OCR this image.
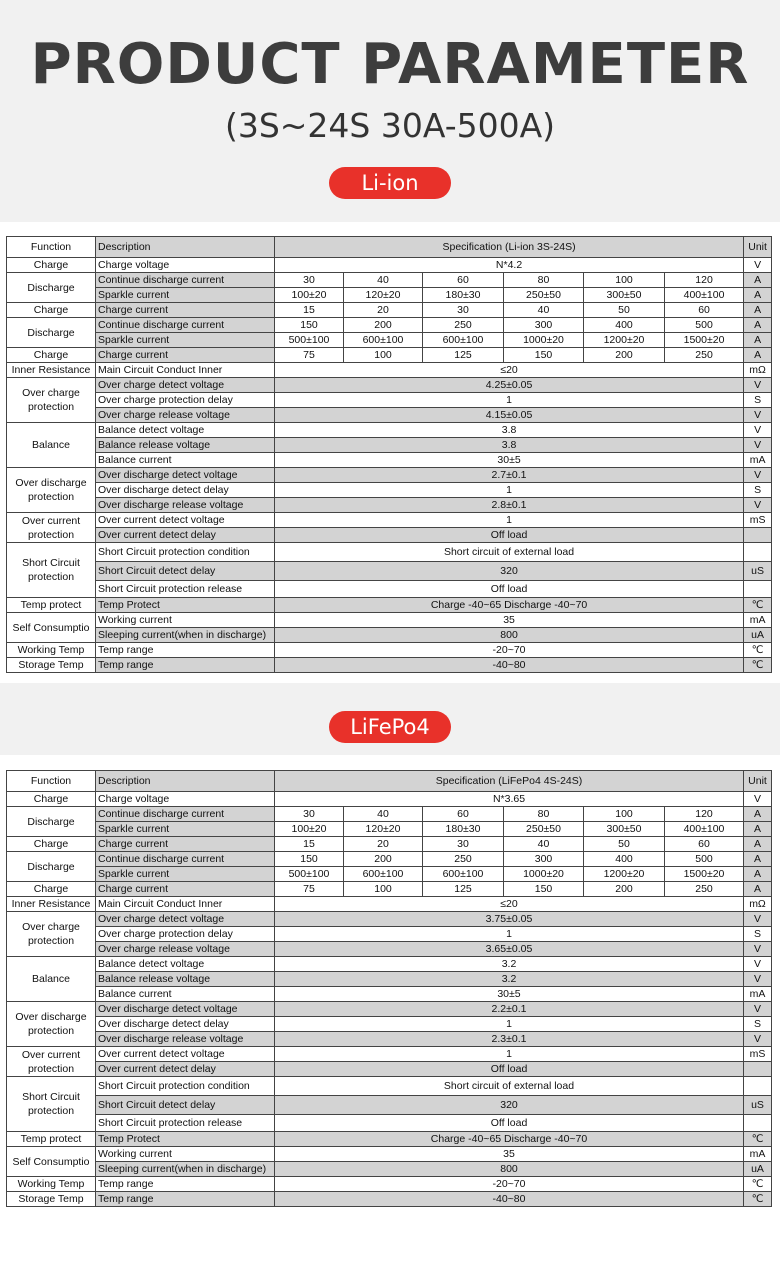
PRODUCT PARAMETER
(3S~24S 30A-500A)
Li-ion
LiFePo4
Function	Description	Specification (Li-ion 3S-24S)						Unit
Charge	Charge voltage	N*4.2						V
Discharge	Continue discharge current	30	40	60	80	100	120	A
	Sparkle current	100±20	120±20	180±30	250±50	300±50	400±100	A
Charge	Charge current	15	20	30	40	50	60	A
Discharge	Continue discharge current	150	200	250	300	400	500	A
	Sparkle current	500±100	600±100	600±100	1000±20	1200±20	1500±20	A
Charge	Charge current	75	100	125	150	200	250	A
Inner Resistance	Main Circuit Conduct Inner	≤20						mΩ
Over charge protection	Over charge detect voltage	4.25±0.05						V
	Over charge protection delay	1						S
	Over charge release voltage	4.15±0.05						V
Balance	Balance detect voltage	3.8						V
	Balance release voltage	3.8						V
	Balance current	30±5						mA
Over discharge protection	Over discharge detect voltage	2.7±0.1						V
	Over discharge detect delay	1						S
	Over discharge release voltage	2.8±0.1						V
Over current protection	Over current detect voltage	1						mS
	Over current detect delay	Off load						
Short Circuit protection	Short Circuit protection condition	Short circuit of external load						
	Short Circuit detect delay	320						uS
	Short Circuit protection release	Off load						
Temp protect	Temp Protect	Charge -40~65 Discharge -40~70						℃
Self Consumptio	Working current	35						mA
	Sleeping current(when in discharge)	800						uA
Working Temp	Temp range	-20~70						℃
Storage Temp	Temp range	-40~80						℃
Function	Description	Specification (LiFePo4 4S-24S)						Unit
Charge	Charge voltage	N*3.65						V
Discharge	Continue discharge current	30	40	60	80	100	120	A
	Sparkle current	100±20	120±20	180±30	250±50	300±50	400±100	A
Charge	Charge current	15	20	30	40	50	60	A
Discharge	Continue discharge current	150	200	250	300	400	500	A
	Sparkle current	500±100	600±100	600±100	1000±20	1200±20	1500±20	A
Charge	Charge current	75	100	125	150	200	250	A
Inner Resistance	Main Circuit Conduct Inner	≤20						mΩ
Over charge protection	Over charge detect voltage	3.75±0.05						V
	Over charge protection delay	1						S
	Over charge release voltage	3.65±0.05						V
Balance	Balance detect voltage	3.2						V
	Balance release voltage	3.2						V
	Balance current	30±5						mA
Over discharge protection	Over discharge detect voltage	2.2±0.1						V
	Over discharge detect delay	1						S
	Over discharge release voltage	2.3±0.1						V
Over current protection	Over current detect voltage	1						mS
	Over current detect delay	Off load						
Short Circuit protection	Short Circuit protection condition	Short circuit of external load						
	Short Circuit detect delay	320						uS
	Short Circuit protection release	Off load						
Temp protect	Temp Protect	Charge -40~65 Discharge -40~70						℃
Self Consumptio	Working current	35						mA
	Sleeping current(when in discharge)	800						uA
Working Temp	Temp range	-20~70						℃
Storage Temp	Temp range	-40~80						℃
